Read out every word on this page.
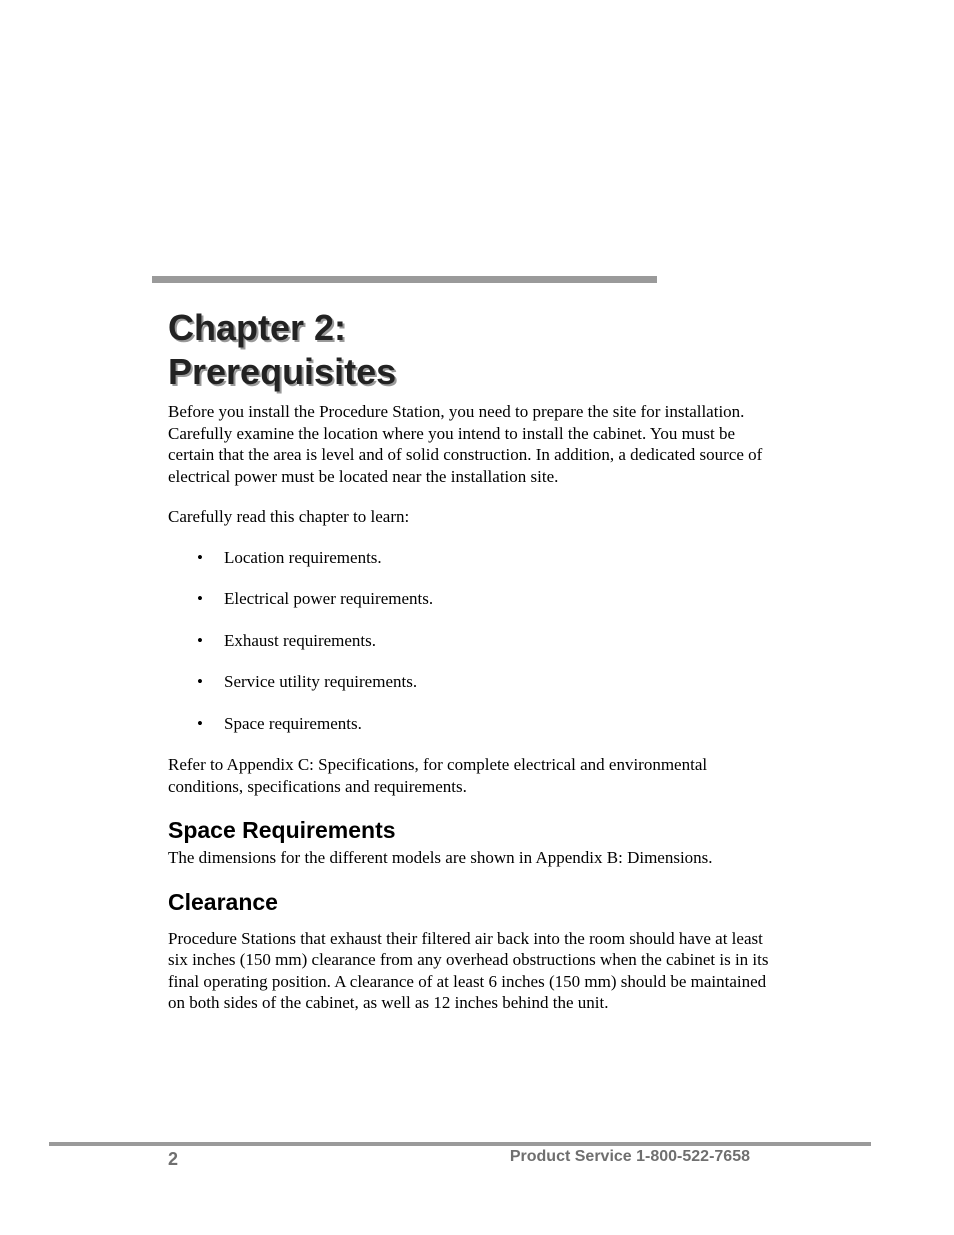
Chapter 2:
Prerequisites

Before you install the Procedure Station, you need to prepare the site for installation. Carefully examine the location where you intend to install the cabinet. You must be certain that the area is level and of solid construction. In addition, a dedicated source of electrical power must be located near the installation site.

Carefully read this chapter to learn:

• Location requirements.
• Electrical power requirements.
• Exhaust requirements.
• Service utility requirements.
• Space requirements.

Refer to Appendix C: Specifications, for complete electrical and environmental conditions, specifications and requirements.

Space Requirements

The dimensions for the different models are shown in Appendix B: Dimensions.

Clearance

Procedure Stations that exhaust their filtered air back into the room should have at least six inches (150 mm) clearance from any overhead obstructions when the cabinet is in its final operating position. A clearance of at least 6 inches (150 mm) should be maintained on both sides of the cabinet, as well as 12 inches behind the unit.

2	Product Service 1-800-522-7658
